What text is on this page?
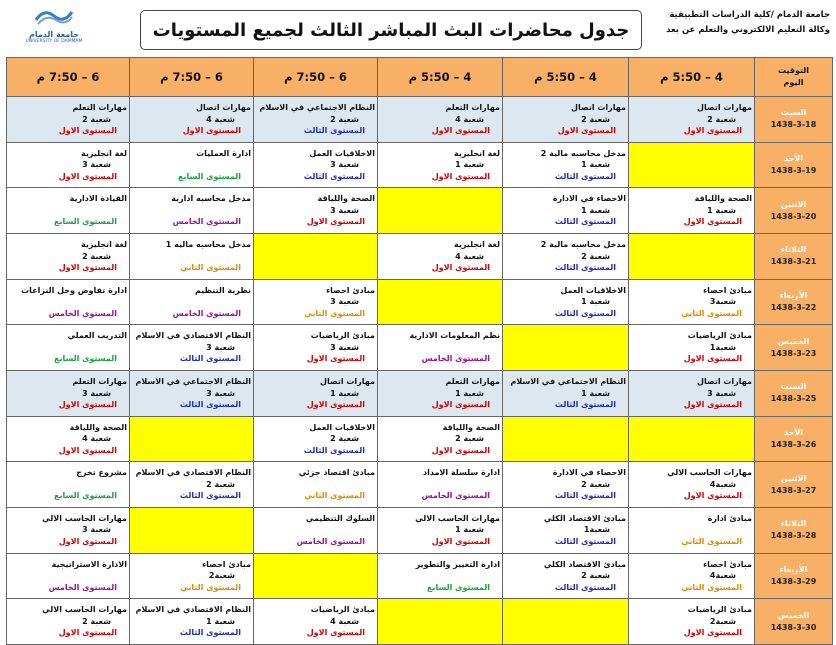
جامعة الدمام /كلية الدراسات التطبيقية
وكالة التعليم الالكتروني والتعلم عن بعد
جدول محاضرات البث المباشر الثالث لجميع المستويات
جامعة الدمام
UNIVERSITY OF DAMMAM
التوقيت
اليوم	4 – 5:50 م	4 – 5:50 م	4 – 5:50 م	6 – 7:50 م	6 – 7:50 م	6 – 7:50 م

السبت
1438-3-18	مهارات اتصال
شعبة 2
المستوى الاول	مهارات اتصال
شعبة 2
المستوى الاول	مهارات التعلم
شعبة 4
المستوى الاول	النظام الاجتماعي في الاسلام
شعبة 2
المستوى الثالث	مهارات اتصال
شعبة 4
المستوى الاول	مهارات التعلم
شعبة 2
المستوى الاول

الأحد
1438-3-19		مدخل محاسبه مالية 2
شعبة 1
المستوى الثالث	لغة انجليزية
شعبة 1
المستوى الاول	الاخلاقيات العمل
شعبة 3
المستوى الثالث	ادارة العمليات

المستوى السابع	لغة انجليزية
شعبة 3
المستوى الاول

الاثنين
1438-3-20	الصحة واللياقة
شعبة 1
المستوى الاول	الاحصاء في الادارة
شعبة 1
المستوى الثالث		الصحة واللياقة
شعبة 3
المستوى الاول	مدخل محاسبه ادارية

المستوى الخامس	القيادة الادارية

المستوى السابع

الثلاثاء
1438-3-21		مدخل محاسبه مالية 2
شعبة 2
المستوى الثالث	لغة انجليزية
شعبة 4
المستوى الاول		مدخل محاسبه ماليه 1

المستوى الثاني	لغة انجليزية
شعبة 2
المستوى الاول

الأربعاء
1438-3-22	مبادئ احصاء
شعبة3
المستوى الثاني	الاخلاقيات العمل
شعبة 1
المستوى الثالث		مبادئ احصاء
شعبة 3
المستوى الثاني	نظرية التنظيم

المستوى الخامس	ادارة تفاوض وحل النزاعات

المستوى الخامس

الخميس
1438-3-23	مبادئ الرياضيات
شعبة1
المستوى الاول		نظم المعلومات الادارية

المستوى الخامس	مبادئ الرياضيات
شعبة 3
المستوى الاول	النظام الاقتصادي في الاسلام
شعبة 3
المستوى الثالث	التدريب العملي

المستوى السابع

السبت
1438-3-25	مهارات اتصال
شعبة 3
المستوى الاول	النظام الاجتماعي في الاسلام
شعبة 1
المستوى الثالث	مهارات التعلم
شعبة 1
المستوى الاول	مهارات اتصال
شعبة 1
المستوى الاول	النظام الاجتماعي في الاسلام
شعبة 3
المستوى الثالث	مهارات التعلم
شعبة 3
المستوى الاول

الأحد
1438-3-26			الصحة واللياقة
شعبة 2
المستوى الاول	الاخلاقيات العمل
شعبة 2
المستوى الثالث		الصحة واللياقة
شعبة 4
المستوى الاول

الاثنين
1438-3-27	مهارات الحاسب الالي
شعبة4
المستوى الاول	الاحصاء في الادارة
شعبة 2
المستوى الثالث	ادارة سلسلة الامداد

المستوى الخامس	مبادئ اقتصاد جزئي

المستوى الثاني	النظام الاقتصادي في الاسلام
شعبة 2
المستوى الثالث	مشروع تخرج

المستوى السابع

الثلاثاء
1438-3-28	مبادئ ادارة

المستوى الثاني	مبادئ الاقتصاد الكلي
شعبة1
المستوى الثالث	مهارات الحاسب الالي
شعبة 1
المستوى الاول	السلوك التنظيمي

المستوى الخامس		مهارات الحاسب الالي
شعبة 3
المستوى الاول

الأربعاء
1438-3-29	مبادئ احصاء
شعبة4
المستوى الثاني	مبادئ الاقتصاد الكلي
شعبة 2
المستوى الثالث	ادارة التغيير والتطوير

المستوى السابع		مبادئ احصاء
شعبة2
المستوى الثاني	الادارة الاستراتيجية

المستوى الخامس

الخميس
1438-3-30	مبادئ الرياضيات
شعبة2
المستوى الاول			مبادئ الرياضيات
شعبة 4
المستوى الاول	النظام الاقتصادي في الاسلام
شعبة 1
المستوى الثالث	مهارات الحاسب الالي
شعبة 2
المستوى الاول
